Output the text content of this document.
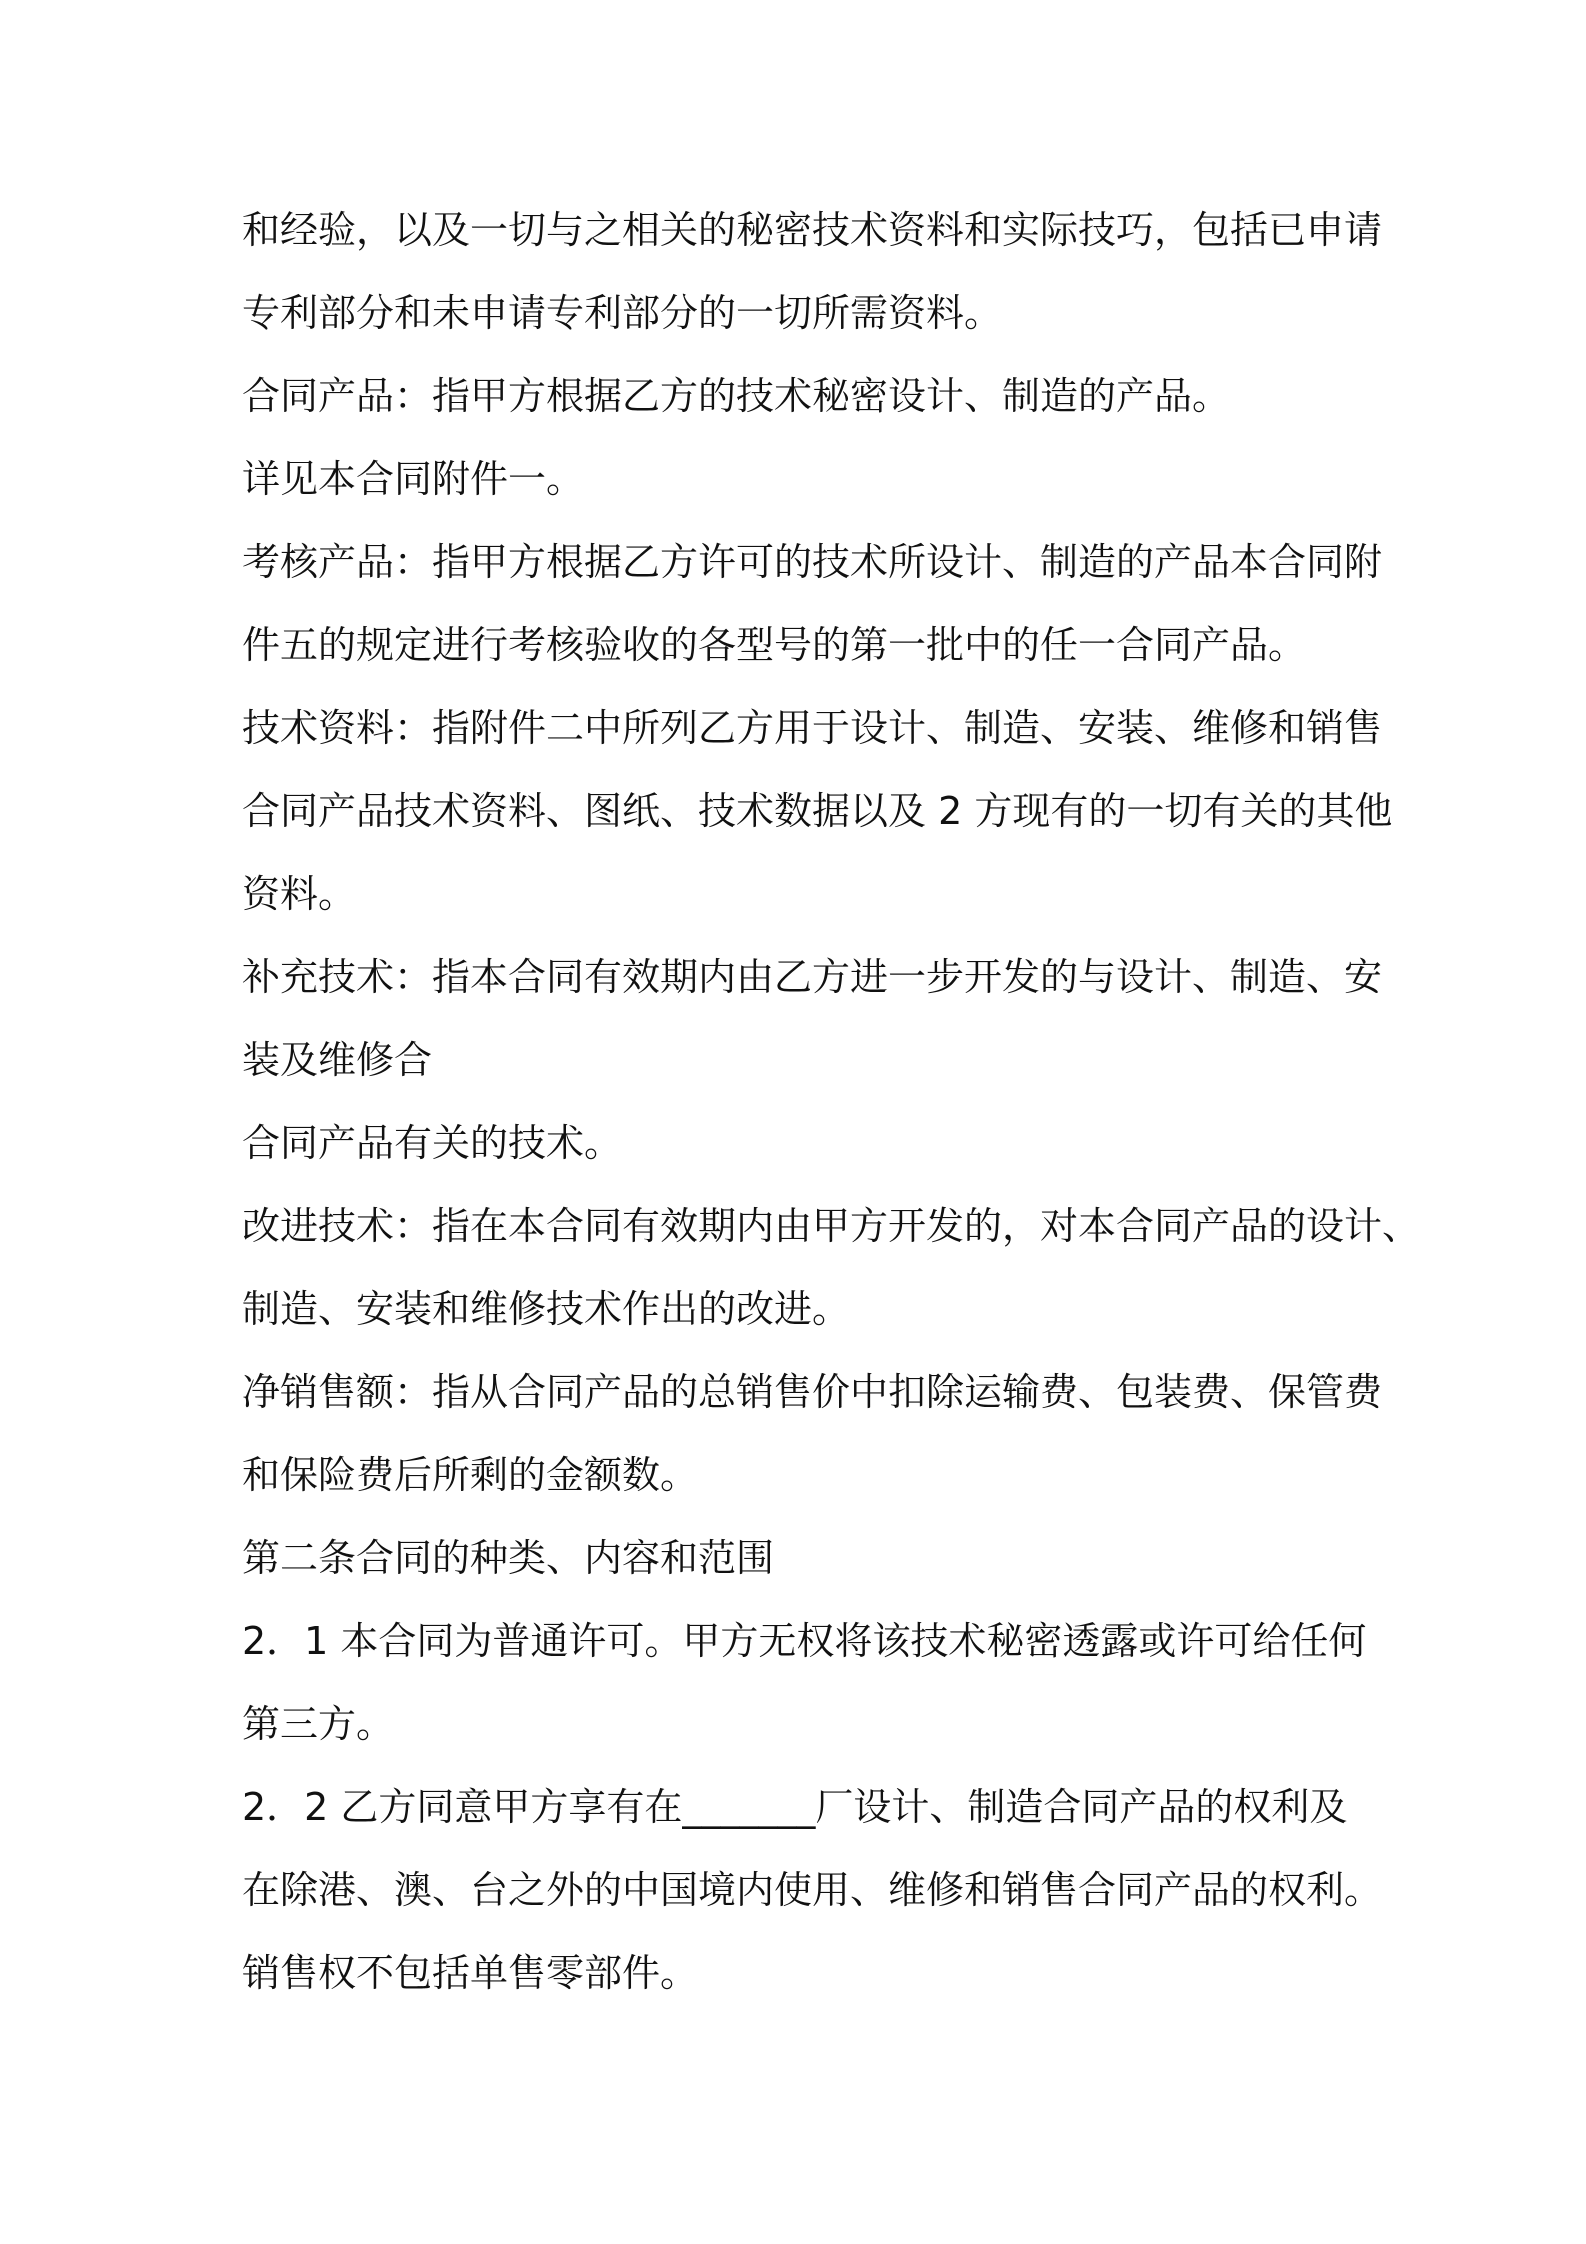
和经验，以及一切与之相关的秘密技术资料和实际技巧，包括已申请
专利部分和未申请专利部分的一切所需资料。
合同产品：指甲方根据乙方的技术秘密设计、制造的产品。
详见本合同附件一。
考核产品：指甲方根据乙方许可的技术所设计、制造的产品本合同附
件五的规定进行考核验收的各型号的第一批中的任一合同产品。
技术资料：指附件二中所列乙方用于设计、制造、安装、维修和销售
合同产品技术资料、图纸、技术数据以及 2 方现有的一切有关的其他
资料。
补充技术：指本合同有效期内由乙方进一步开发的与设计、制造、安
装及维修合
合同产品有关的技术。
改进技术：指在本合同有效期内由甲方开发的，对本合同产品的设计、
制造、安装和维修技术作出的改进。
净销售额：指从合同产品的总销售价中扣除运输费、包装费、保管费
和保险费后所剩的金额数。
第二条合同的种类、内容和范围
2．1 本合同为普通许可。甲方无权将该技术秘密透露或许可给任何
第三方。
2．2 乙方同意甲方享有在_______厂设计、制造合同产品的权利及
在除港、澳、台之外的中国境内使用、维修和销售合同产品的权利。
销售权不包括单售零部件。
